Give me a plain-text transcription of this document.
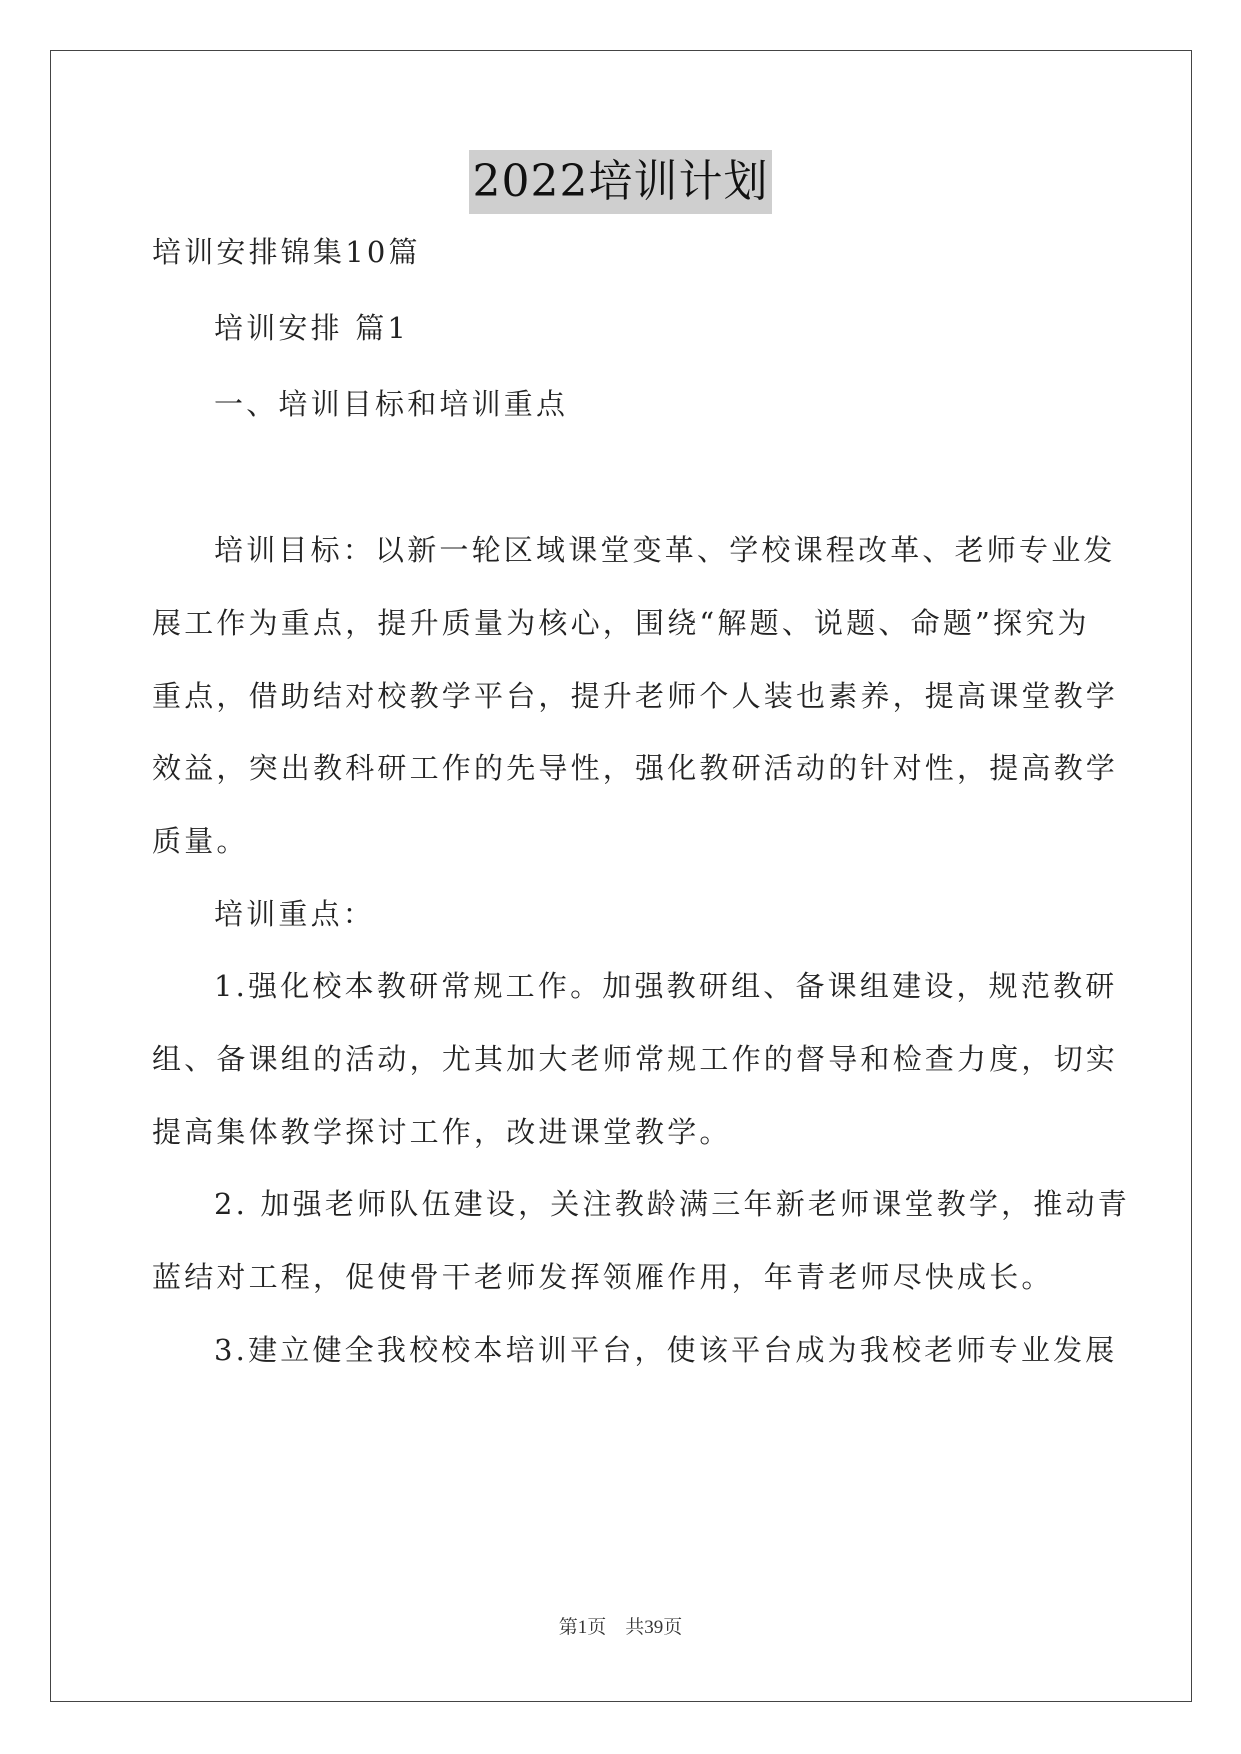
2022培训计划
培训安排锦集10篇
培训安排 篇1
一、培训目标和培训重点
培训目标：以新一轮区域课堂变革、学校课程改革、老师专业发
展工作为重点，提升质量为核心，围绕“解题、说题、命题”探究为
重点，借助结对校教学平台，提升老师个人装也素养，提高课堂教学
效益，突出教科研工作的先导性，强化教研活动的针对性，提高教学
质量。
培训重点：
1.强化校本教研常规工作。加强教研组、备课组建设，规范教研
组、备课组的活动，尤其加大老师常规工作的督导和检查力度，切实
提高集体教学探讨工作，改进课堂教学。
2. 加强老师队伍建设，关注教龄满三年新老师课堂教学，推动青
蓝结对工程，促使骨干老师发挥领雁作用，年青老师尽快成长。
3.建立健全我校校本培训平台，使该平台成为我校老师专业发展
第1页　共39页
